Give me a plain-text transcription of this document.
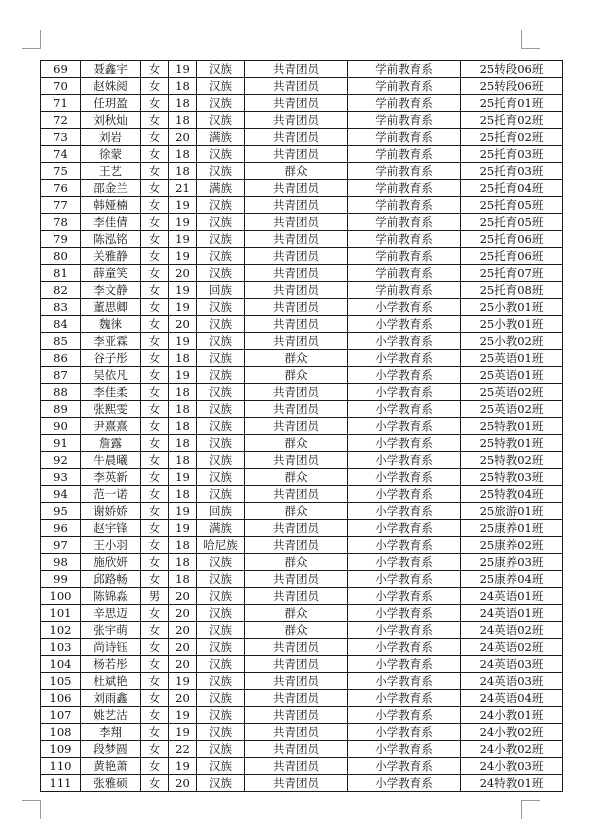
69	聂鑫宇	女	19	汉族	共青团员	学前教育系	25转段06班
70	赵姝阅	女	18	汉族	共青团员	学前教育系	25转段06班
71	任玥盈	女	18	汉族	共青团员	学前教育系	25托育01班
72	刘秋灿	女	18	汉族	共青团员	学前教育系	25托育02班
73	刘岩	女	20	满族	共青团员	学前教育系	25托育02班
74	徐蒙	女	18	汉族	共青团员	学前教育系	25托育03班
75	王艺	女	18	汉族	群众	学前教育系	25托育03班
76	邵金兰	女	21	满族	共青团员	学前教育系	25托育04班
77	韩娅楠	女	19	汉族	共青团员	学前教育系	25托育05班
78	李佳倩	女	19	汉族	共青团员	学前教育系	25托育05班
79	陈泓铭	女	19	汉族	共青团员	学前教育系	25托育06班
80	关雅静	女	19	汉族	共青团员	学前教育系	25托育06班
81	薛童笑	女	20	汉族	共青团员	学前教育系	25托育07班
82	李文静	女	19	回族	共青团员	学前教育系	25托育08班
83	董思卿	女	19	汉族	共青团员	小学教育系	25小教01班
84	魏徕	女	20	汉族	共青团员	小学教育系	25小教01班
85	李亚霖	女	19	汉族	共青团员	小学教育系	25小教02班
86	谷子彤	女	18	汉族	群众	小学教育系	25英语01班
87	吴依凡	女	19	汉族	群众	小学教育系	25英语01班
88	李佳柔	女	18	汉族	共青团员	小学教育系	25英语02班
89	张熙雯	女	18	汉族	共青团员	小学教育系	25英语02班
90	尹熹熹	女	18	汉族	共青团员	小学教育系	25特教01班
91	詹露	女	18	汉族	群众	小学教育系	25特教01班
92	牛晨曦	女	18	汉族	共青团员	小学教育系	25特教02班
93	李英新	女	19	汉族	群众	小学教育系	25特教03班
94	范一诺	女	18	汉族	共青团员	小学教育系	25特教04班
95	谢娇娇	女	19	回族	群众	小学教育系	25旅游01班
96	赵宇锋	女	19	满族	共青团员	小学教育系	25康养01班
97	王小羽	女	18	哈尼族	共青团员	小学教育系	25康养02班
98	施欣妍	女	18	汉族	群众	小学教育系	25康养03班
99	邱路畅	女	18	汉族	共青团员	小学教育系	25康养04班
100	陈锦淼	男	20	汉族	共青团员	小学教育系	24英语01班
101	辛思迈	女	20	汉族	群众	小学教育系	24英语01班
102	张宇萌	女	20	汉族	群众	小学教育系	24英语02班
103	尚诗钰	女	20	汉族	共青团员	小学教育系	24英语02班
104	杨若彤	女	20	汉族	共青团员	小学教育系	24英语03班
105	杜斌艳	女	19	汉族	共青团员	小学教育系	24英语03班
106	刘雨鑫	女	20	汉族	共青团员	小学教育系	24英语04班
107	姚艺沽	女	19	汉族	共青团员	小学教育系	24小教01班
108	李翔	女	19	汉族	共青团员	小学教育系	24小教02班
109	段梦圆	女	22	汉族	共青团员	小学教育系	24小教02班
110	黄艳萧	女	19	汉族	共青团员	小学教育系	24小教03班
111	张雅硕	女	20	汉族	共青团员	小学教育系	24特教01班
